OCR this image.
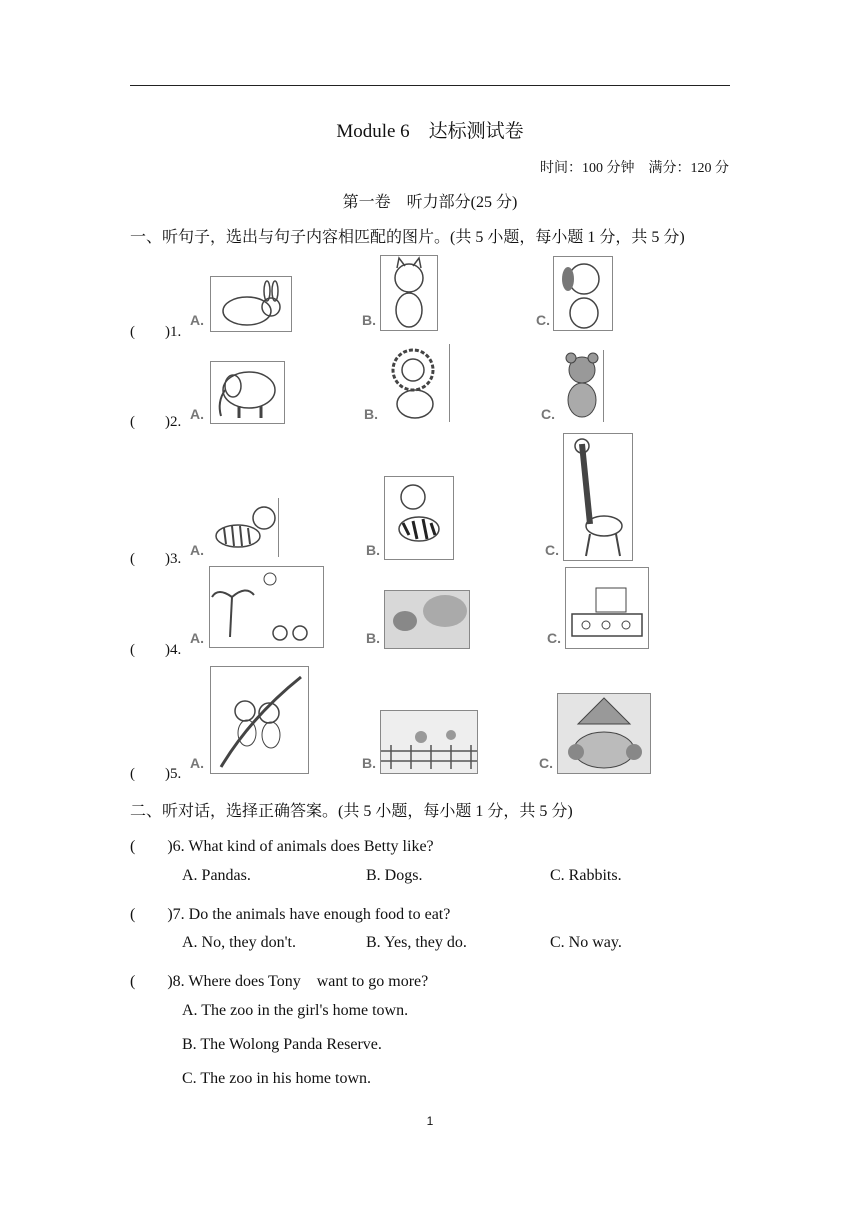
Module 6　达标测试卷
时间：100 分钟　满分：120 分
第一卷　听力部分(25 分)
一、听句子，选出与句子内容相匹配的图片。(共 5 小题，每小题 1 分，共 5 分)
(　　)1.
A.	B.	C.
(　　)2. A.	B.	C.
(　　)3.
A.	B.	C.
(　　)4.
A.	B.	C.
(　　)5.
A.	B.	C.
二、听对话，选择正确答案。(共 5 小题，每小题 1 分，共 5 分)
(　　)6. What kind of animals does Betty like?
A. Pandas.	B. Dogs.	C. Rabbits.
(　　)7. Do the animals have enough food to eat?
A. No, they don't.	B. Yes, they do.	C. No way.
(　　)8. Where does Tony　want to go more?
A. The zoo in the girl's home town.
B. The Wolong Panda Reserve.
C. The zoo in his home town.
1
